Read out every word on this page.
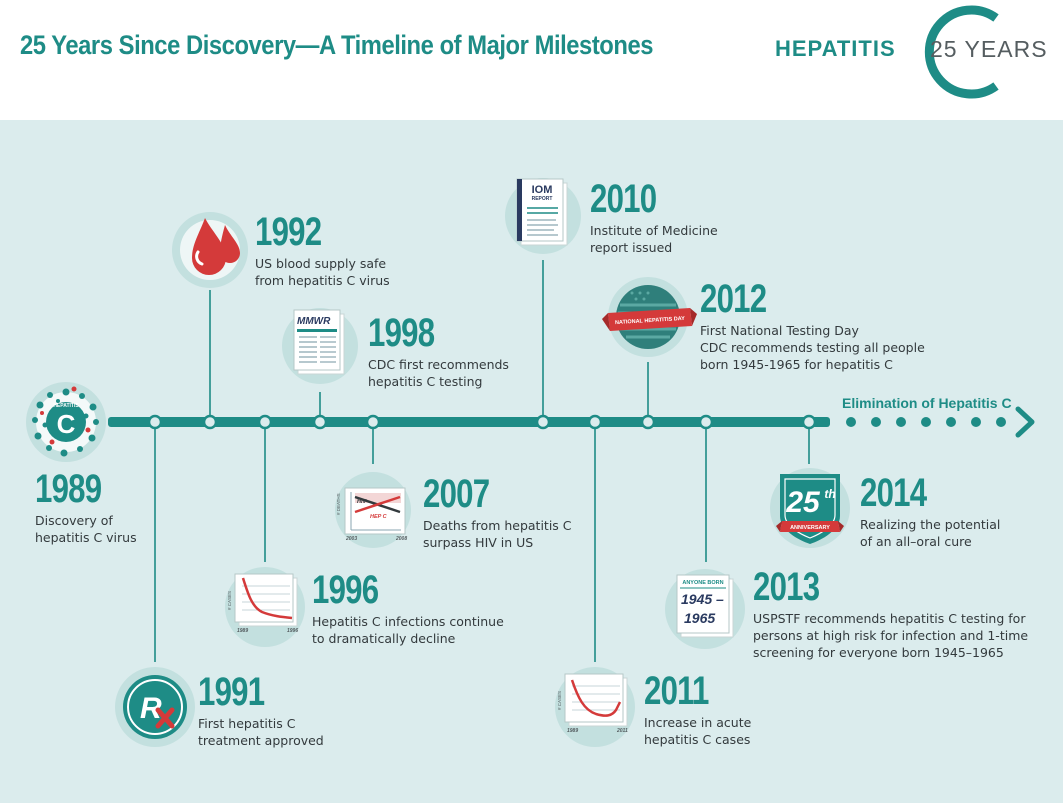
25 Years Since Discovery—A Timeline of Major Milestones	HEPATITIS 25 YEARS
HEPATITIS
C
MMWR
IOM
REPORT
NATIONAL HEPATITIS DAY
HIV
HEP C
# DEATHS
2003	2008
# CASES
1989	1996
# CASES
1989	2011
R
ANYONE BORN
1945 –
1965
25 th
ANNIVERSARY
Elimination of Hepatitis C
1989
Discovery of
hepatitis C virus
1991
First hepatitis C
treatment approved
1992
US blood supply safe
from hepatitis C virus
1996
Hepatitis C infections continue
to dramatically decline
1998
CDC first recommends
hepatitis C testing
2007
Deaths from hepatitis C
surpass HIV in US
2010
Institute of Medicine
report issued
2011
Increase in acute
hepatitis C cases
2012
First National Testing Day
CDC recommends testing all people
born 1945-1965 for hepatitis C
2013
USPSTF recommends hepatitis C testing for
persons at high risk for infection and 1-time
screening for everyone born 1945–1965
2014
Realizing the potential
of an all–oral cure
